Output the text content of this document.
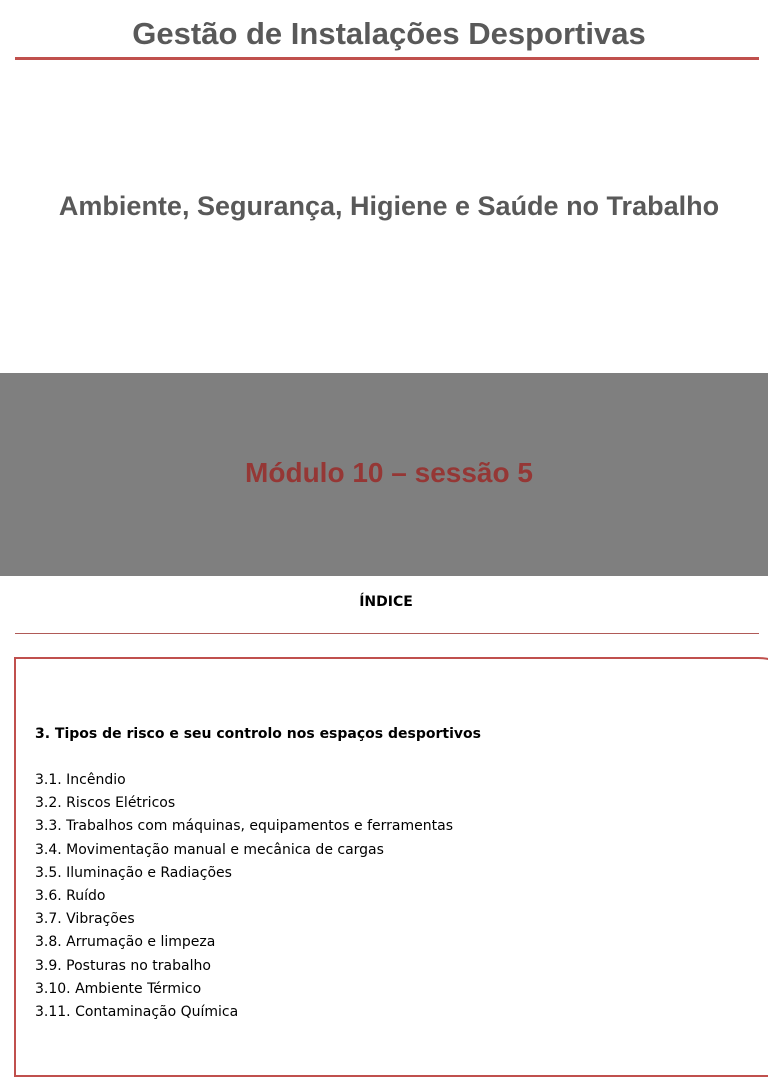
Gestão de Instalações Desportivas
Ambiente, Segurança, Higiene e Saúde no Trabalho
Módulo 10 – sessão 5
ÍNDICE
3. Tipos de risco e seu controlo nos espaços desportivos
3.1. Incêndio
3.2. Riscos Elétricos
3.3. Trabalhos com máquinas, equipamentos e ferramentas
3.4. Movimentação manual e mecânica de cargas
3.5. Iluminação e Radiações
3.6. Ruído
3.7. Vibrações
3.8. Arrumação e limpeza
3.9. Posturas no trabalho
3.10. Ambiente Térmico
3.11. Contaminação Química
